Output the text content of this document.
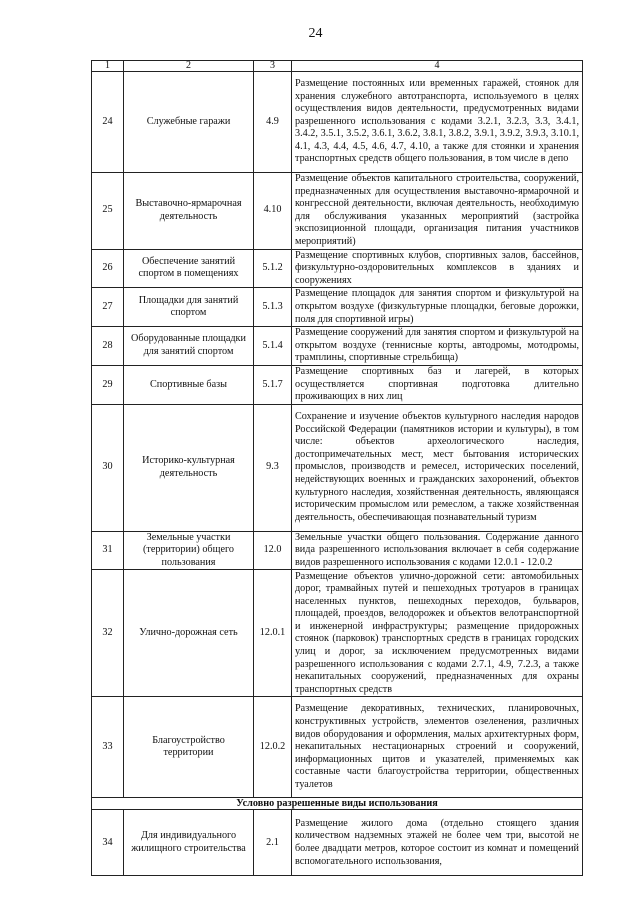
24
1	2	3	4
24	Служебные гаражи	4.9	Размещение постоянных или временных гаражей, стоянок для хранения служебного автотранспорта, используемого в целях осуществления видов деятельности, предусмотренных видами разрешенного использования с кодами 3.2.1, 3.2.3, 3.3, 3.4.1, 3.4.2, 3.5.1, 3.5.2, 3.6.1, 3.6.2, 3.8.1, 3.8.2, 3.9.1, 3.9.2, 3.9.3, 3.10.1, 4.1, 4.3, 4.4, 4.5, 4.6, 4.7, 4.10, а также для стоянки и хранения транспортных средств общего пользования, в том числе в депо
25	Выставочно-ярмарочная деятельность	4.10	Размещение объектов капитального строительства, сооружений, предназначенных для осуществления выставочно-ярмарочной и конгрессной деятельности, включая деятельность, необходимую для обслуживания указанных мероприятий (застройка экспозиционной площади, организация питания участников мероприятий)
26	Обеспечение занятий спортом в помещениях	5.1.2	Размещение спортивных клубов, спортивных залов, бассейнов, физкультурно-оздоровительных комплексов в зданиях и сооружениях
27	Площадки для занятий спортом	5.1.3	Размещение площадок для занятия спортом и физкультурой на открытом воздухе (физкультурные площадки, беговые дорожки, поля для спортивной игры)
28	Оборудованные площадки для занятий спортом	5.1.4	Размещение сооружений для занятия спортом и физкультурой на открытом воздухе (теннисные корты, автодромы, мотодромы, трамплины, спортивные стрельбища)
29	Спортивные базы	5.1.7	Размещение спортивных баз и лагерей, в которых осуществляется спортивная подготовка длительно проживающих в них лиц
30	Историко-культурная деятельность	9.3	Сохранение и изучение объектов культурного наследия народов Российской Федерации (памятников истории и культуры), в том числе: объектов археологического наследия, достопримечательных мест, мест бытования исторических промыслов, производств и ремесел, исторических поселений, недействующих военных и гражданских захоронений, объектов культурного наследия, хозяйственная деятельность, являющаяся историческим промыслом или ремеслом, а также хозяйственная деятельность, обеспечивающая познавательный туризм
31	Земельные участки (территории) общего пользования	12.0	Земельные участки общего пользования. Содержание данного вида разрешенного использования включает в себя содержание видов разрешенного использования с кодами 12.0.1 - 12.0.2
32	Улично-дорожная сеть	12.0.1	Размещение объектов улично-дорожной сети: автомобильных дорог, трамвайных путей и пешеходных тротуаров в границах населенных пунктов, пешеходных переходов, бульваров, площадей, проездов, велодорожек и объектов велотранспортной и инженерной инфраструктуры; размещение придорожных стоянок (парковок) транспортных средств в границах городских улиц и дорог, за исключением предусмотренных видами разрешенного использования с кодами 2.7.1, 4.9, 7.2.3, а также некапитальных сооружений, предназначенных для охраны транспортных средств
33	Благоустройство территории	12.0.2	Размещение декоративных, технических, планировочных, конструктивных устройств, элементов озеленения, различных видов оборудования и оформления, малых архитектурных форм, некапитальных нестационарных строений и сооружений, информационных щитов и указателей, применяемых как составные части благоустройства территории, общественных туалетов
Условно разрешенные виды использования			
34	Для индивидуального жилищного строительства	2.1	Размещение жилого дома (отдельно стоящего здания количеством надземных этажей не более чем три, высотой не более двадцати метров, которое состоит из комнат и помещений вспомогательного использования,
